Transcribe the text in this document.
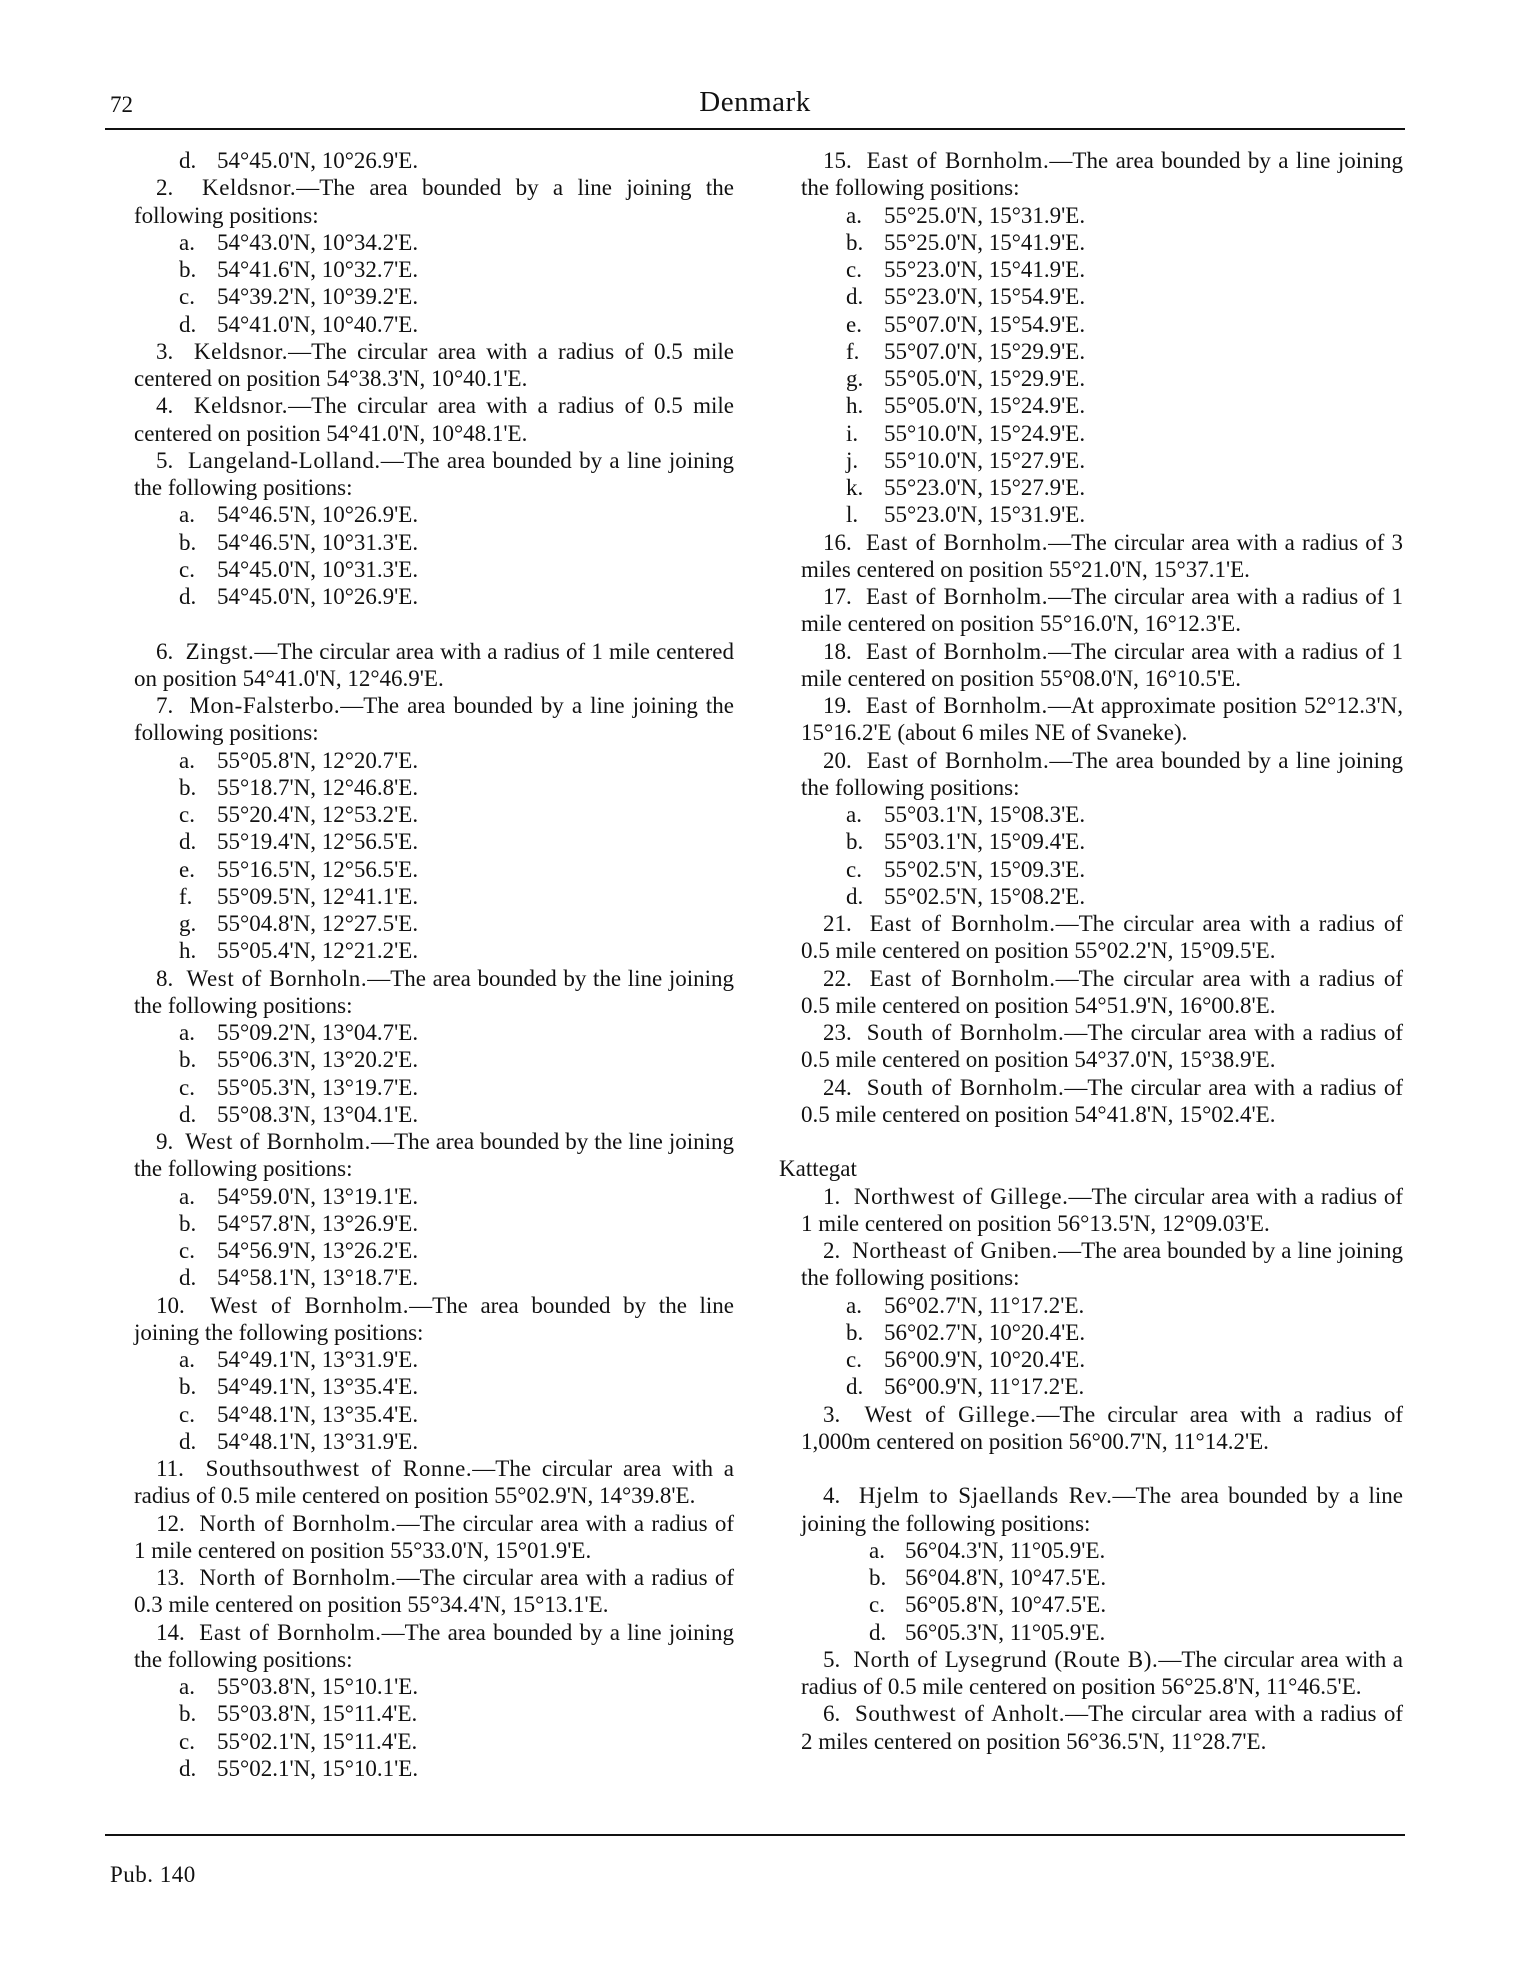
72	Denmark
d. 54°45.0'N, 10°26.9'E.

2. Keldsnor.—The area bounded by a line joining the following positions:

a. 54°43.0'N, 10°34.2'E.
b. 54°41.6'N, 10°32.7'E.
c. 54°39.2'N, 10°39.2'E.
d. 54°41.0'N, 10°40.7'E.

3. Keldsnor.—The circular area with a radius of 0.5 mile centered on position 54°38.3'N, 10°40.1'E.

4. Keldsnor.—The circular area with a radius of 0.5 mile centered on position 54°41.0'N, 10°48.1'E.

5. Langeland-Lolland.—The area bounded by a line joining the following positions:

a. 54°46.5'N, 10°26.9'E.
b. 54°46.5'N, 10°31.3'E.
c. 54°45.0'N, 10°31.3'E.
d. 54°45.0'N, 10°26.9'E.

6. Zingst.—The circular area with a radius of 1 mile centered on position 54°41.0'N, 12°46.9'E.

7. Mon-Falsterbo.—The area bounded by a line joining the following positions:

a. 55°05.8'N, 12°20.7'E.
b. 55°18.7'N, 12°46.8'E.
c. 55°20.4'N, 12°53.2'E.
d. 55°19.4'N, 12°56.5'E.
e. 55°16.5'N, 12°56.5'E.
f. 55°09.5'N, 12°41.1'E.
g. 55°04.8'N, 12°27.5'E.
h. 55°05.4'N, 12°21.2'E.

8. West of Bornholn.—The area bounded by the line joining the following positions:

a. 55°09.2'N, 13°04.7'E.
b. 55°06.3'N, 13°20.2'E.
c. 55°05.3'N, 13°19.7'E.
d. 55°08.3'N, 13°04.1'E.

9. West of Bornholm.—The area bounded by the line joining the following positions:

a. 54°59.0'N, 13°19.1'E.
b. 54°57.8'N, 13°26.9'E.
c. 54°56.9'N, 13°26.2'E.
d. 54°58.1'N, 13°18.7'E.

10. West of Bornholm.—The area bounded by the line joining the following positions:

a. 54°49.1'N, 13°31.9'E.
b. 54°49.1'N, 13°35.4'E.
c. 54°48.1'N, 13°35.4'E.
d. 54°48.1'N, 13°31.9'E.

11. Southsouthwest of Ronne.—The circular area with a radius of 0.5 mile centered on position 55°02.9'N, 14°39.8'E.

12. North of Bornholm.—The circular area with a radius of 1 mile centered on position 55°33.0'N, 15°01.9'E.

13. North of Bornholm.—The circular area with a radius of 0.3 mile centered on position 55°34.4'N, 15°13.1'E.

14. East of Bornholm.—The area bounded by a line joining the following positions:

a. 55°03.8'N, 15°10.1'E.
b. 55°03.8'N, 15°11.4'E.
c. 55°02.1'N, 15°11.4'E.
d. 55°02.1'N, 15°10.1'E.

15. East of Bornholm.—The area bounded by a line joining the following positions:

a. 55°25.0'N, 15°31.9'E.
b. 55°25.0'N, 15°41.9'E.
c. 55°23.0'N, 15°41.9'E.
d. 55°23.0'N, 15°54.9'E.
e. 55°07.0'N, 15°54.9'E.
f. 55°07.0'N, 15°29.9'E.
g. 55°05.0'N, 15°29.9'E.
h. 55°05.0'N, 15°24.9'E.
i. 55°10.0'N, 15°24.9'E.
j. 55°10.0'N, 15°27.9'E.
k. 55°23.0'N, 15°27.9'E.
l. 55°23.0'N, 15°31.9'E.

16. East of Bornholm.—The circular area with a radius of 3 miles centered on position 55°21.0'N, 15°37.1'E.

17. East of Bornholm.—The circular area with a radius of 1 mile centered on position 55°16.0'N, 16°12.3'E.

18. East of Bornholm.—The circular area with a radius of 1 mile centered on position 55°08.0'N, 16°10.5'E.

19. East of Bornholm.—At approximate position 52°12.3'N, 15°16.2'E (about 6 miles NE of Svaneke).

20. East of Bornholm.—The area bounded by a line joining the following positions:

a. 55°03.1'N, 15°08.3'E.
b. 55°03.1'N, 15°09.4'E.
c. 55°02.5'N, 15°09.3'E.
d. 55°02.5'N, 15°08.2'E.

21. East of Bornholm.—The circular area with a radius of 0.5 mile centered on position 55°02.2'N, 15°09.5'E.

22. East of Bornholm.—The circular area with a radius of 0.5 mile centered on position 54°51.9'N, 16°00.8'E.

23. South of Bornholm.—The circular area with a radius of 0.5 mile centered on position 54°37.0'N, 15°38.9'E.

24. South of Bornholm.—The circular area with a radius of 0.5 mile centered on position 54°41.8'N, 15°02.4'E.

Kattegat

1. Northwest of Gillege.—The circular area with a radius of 1 mile centered on position 56°13.5'N, 12°09.03'E.

2. Northeast of Gniben.—The area bounded by a line joining the following positions:

a. 56°02.7'N, 11°17.2'E.
b. 56°02.7'N, 10°20.4'E.
c. 56°00.9'N, 10°20.4'E.
d. 56°00.9'N, 11°17.2'E.

3. West of Gillege.—The circular area with a radius of 1,000m centered on position 56°00.7'N, 11°14.2'E.

4. Hjelm to Sjaellands Rev.—The area bounded by a line joining the following positions:

a. 56°04.3'N, 11°05.9'E.
b. 56°04.8'N, 10°47.5'E.
c. 56°05.8'N, 10°47.5'E.
d. 56°05.3'N, 11°05.9'E.

5. North of Lysegrund (Route B).—The circular area with a radius of 0.5 mile centered on position 56°25.8'N, 11°46.5'E.

6. Southwest of Anholt.—The circular area with a radius of 2 miles centered on position 56°36.5'N, 11°28.7'E.

Pub. 140
